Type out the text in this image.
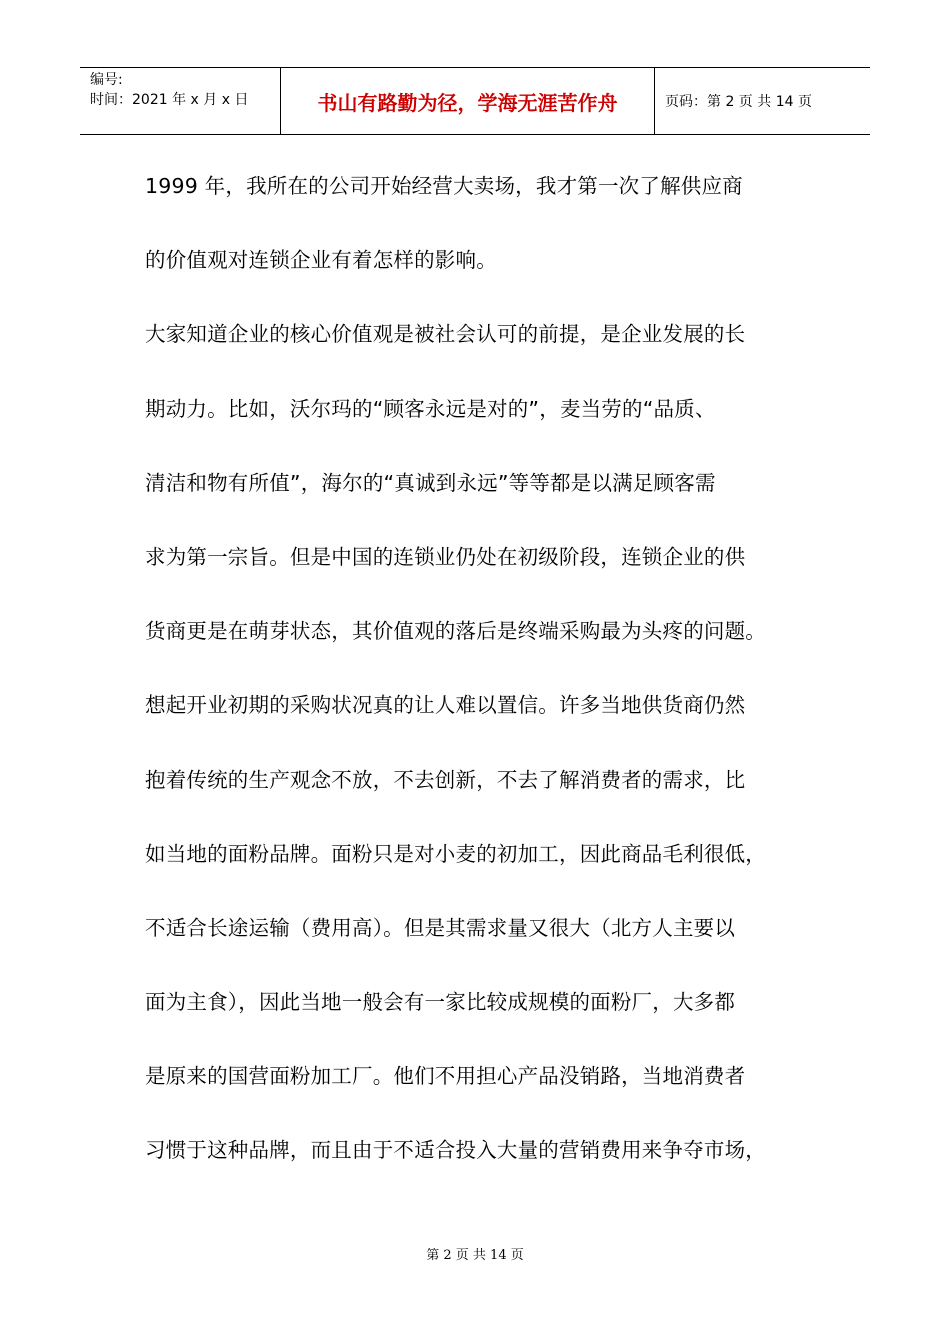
编号:
时间：2021 年 x 月 x 日	书山有路勤为径，学海无涯苦作舟	页码：第 2 页 共 14 页
1999 年，我所在的公司开始经营大卖场，我才第一次了解供应商
的价值观对连锁企业有着怎样的影响。
大家知道企业的核心价值观是被社会认可的前提，是企业发展的长
期动力。比如，沃尔玛的“顾客永远是对的”，麦当劳的“品质、
清洁和物有所值”，海尔的“真诚到永远”等等都是以满足顾客需
求为第一宗旨。但是中国的连锁业仍处在初级阶段，连锁企业的供
货商更是在萌芽状态，其价值观的落后是终端采购最为头疼的问题。
想起开业初期的采购状况真的让人难以置信。许多当地供货商仍然
抱着传统的生产观念不放，不去创新，不去了解消费者的需求，比
如当地的面粉品牌。面粉只是对小麦的初加工，因此商品毛利很低，
不适合长途运输（费用高）。但是其需求量又很大（北方人主要以
面为主食），因此当地一般会有一家比较成规模的面粉厂，大多都
是原来的国营面粉加工厂。他们不用担心产品没销路，当地消费者
习惯于这种品牌，而且由于不适合投入大量的营销费用来争夺市场，
第 2 页 共 14 页
